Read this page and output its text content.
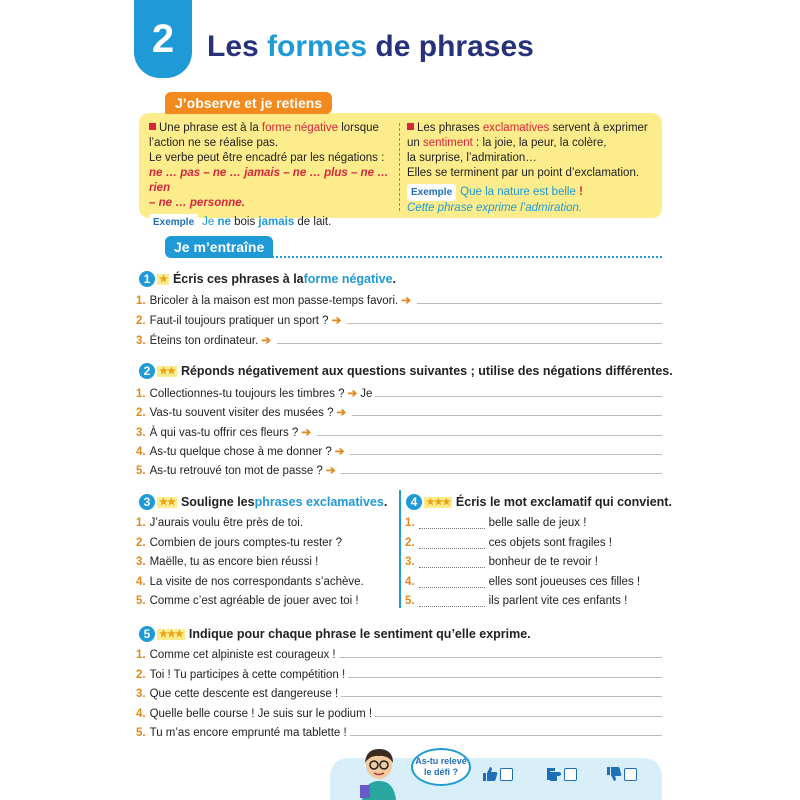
2	Les formes de phrases
J’observe et je retiens
Une phrase est à la forme négative lorsque
l’action ne se réalise pas.
Le verbe peut être encadré par les négations :
ne … pas – ne … jamais – ne … plus – ne … rien
– ne … personne.
Exemple Je ne bois jamais de lait.
Les phrases exclamatives servent à exprimer
un sentiment : la joie, la peur, la colère,
la surprise, l’admiration…
Elles se terminent par un point d’exclamation.
Exemple Que la nature est belle !
Cette phrase exprime l’admiration.
Je m’entraîne
1 ★ Écris ces phrases à la forme négative .
1. Bricoler à la maison est mon passe-temps favori. ➔
2. Faut-il toujours pratiquer un sport ? ➔
3. Éteins ton ordinateur. ➔
2 ★★ Réponds négativement aux questions suivantes ; utilise des négations différentes.
1. Collectionnes-tu toujours les timbres ? ➔ Je
2. Vas-tu souvent visiter des musées ? ➔
3. À qui vas-tu offrir ces fleurs ? ➔
4. As-tu quelque chose à me donner ? ➔
5. As-tu retrouvé ton mot de passe ? ➔
3 ★★ Souligne les phrases exclamatives .
1. J’aurais voulu être près de toi.
2. Combien de jours comptes-tu rester ?
3. Maëlle, tu as encore bien réussi !
4. La visite de nos correspondants s’achève.
5. Comme c’est agréable de jouer avec toi !
4 ★★★ Écris le mot exclamatif qui convient.
1.	belle salle de jeux !
2.	ces objets sont fragiles !
3.	bonheur de te revoir !
4.	elles sont joueuses ces filles !
5.	ils parlent vite ces enfants !
5 ★★★ Indique pour chaque phrase le sentiment qu’elle exprime.
1. Comme cet alpiniste est courageux !
2. Toi ! Tu participes à cette compétition !
3. Que cette descente est dangereuse !
4. Quelle belle course ! Je suis sur le podium !
5. Tu m’as encore emprunté ma tablette !
As-tu relevé
le défi ?
